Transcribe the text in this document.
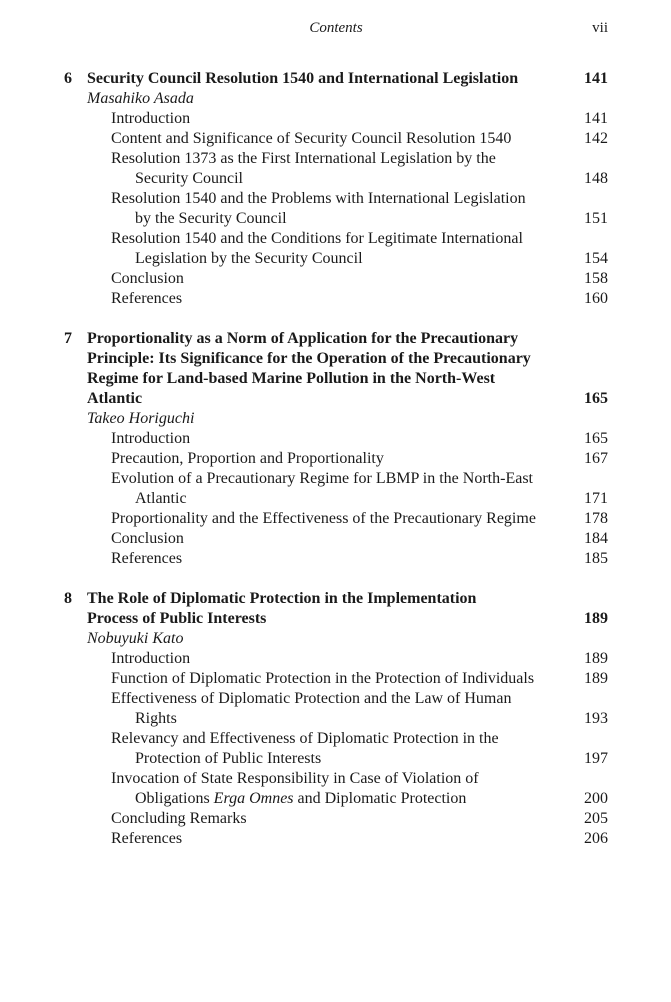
Contents	vii
6 Security Council Resolution 1540 and International Legislation	141
Masahiko Asada
Introduction	141
Content and Significance of Security Council Resolution 1540	142
Resolution 1373 as the First International Legislation by the
Security Council	148
Resolution 1540 and the Problems with International Legislation
by the Security Council	151
Resolution 1540 and the Conditions for Legitimate International
Legislation by the Security Council	154
Conclusion	158
References	160
7 Proportionality as a Norm of Application for the Precautionary
Principle: Its Significance for the Operation of the Precautionary
Regime for Land-based Marine Pollution in the North-West
Atlantic	165
Takeo Horiguchi
Introduction	165
Precaution, Proportion and Proportionality	167
Evolution of a Precautionary Regime for LBMP in the North-East
Atlantic	171
Proportionality and the Effectiveness of the Precautionary Regime	178
Conclusion	184
References	185
8 The Role of Diplomatic Protection in the Implementation
Process of Public Interests	189
Nobuyuki Kato
Introduction	189
Function of Diplomatic Protection in the Protection of Individuals	189
Effectiveness of Diplomatic Protection and the Law of Human
Rights	193
Relevancy and Effectiveness of Diplomatic Protection in the
Protection of Public Interests	197
Invocation of State Responsibility in Case of Violation of
Obligations Erga Omnes and Diplomatic Protection	200
Concluding Remarks	205
References	206
